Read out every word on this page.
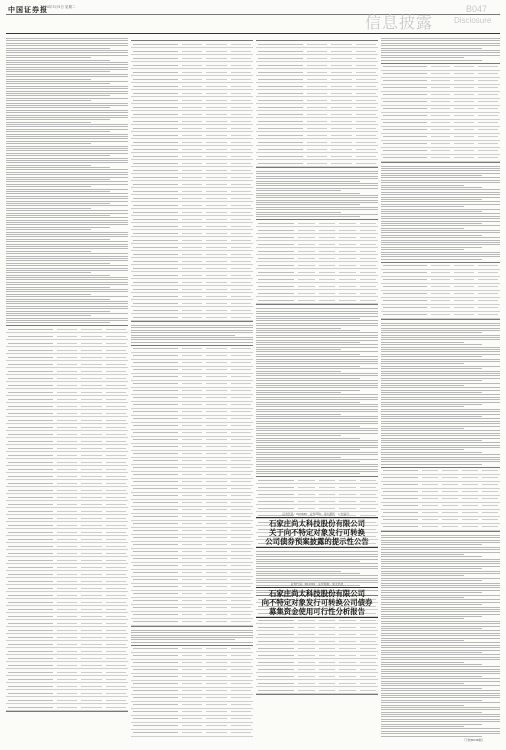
中国证券报
2024年3月5日 星期二
信息披露
B047
Disclosure
证券代码：603280　证券简称：南方路机　公告编号：
石家庄尚太科技股份有限公司
关于向不特定对象发行可转换
公司债券预案披露的提示性公告
证券代码：001301　证券简称：尚太科技
石家庄尚太科技股份有限公司
向不特定对象发行可转换公司债券
募集资金使用可行性分析报告
（下转B048版）
